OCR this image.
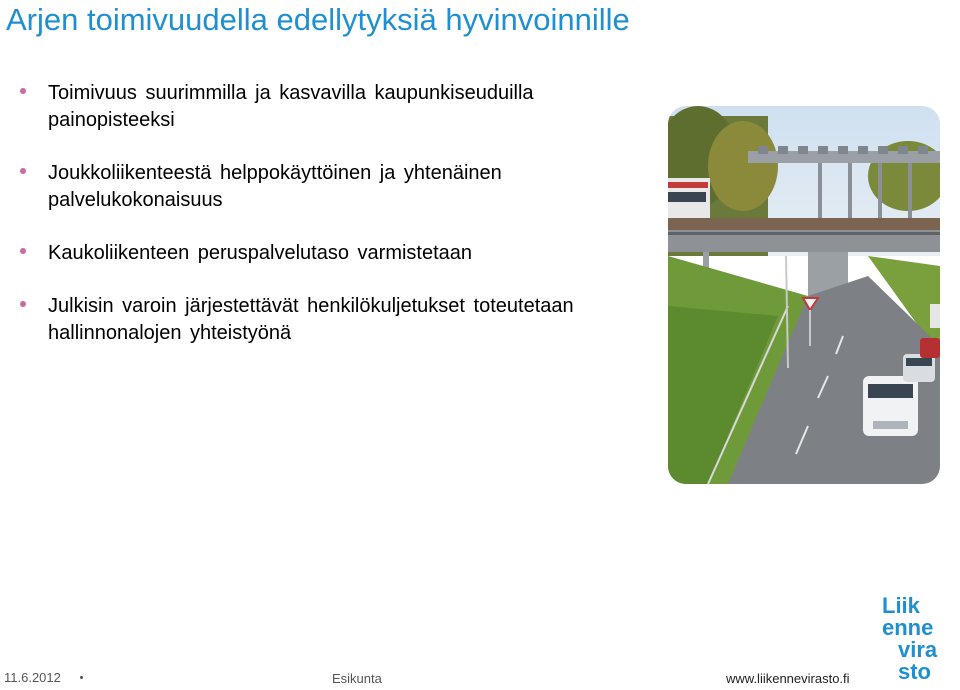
Arjen toimivuudella edellytyksiä hyvinvoinnille
Toimivuus suurimmilla ja kasvavilla kaupunkiseuduilla painopisteeksi
Joukkoliikenteestä helppokäyttöinen ja yhtenäinen palvelukokonaisuus
Kaukoliikenteen peruspalvelutaso varmistetaan
Julkisin varoin järjestettävät henkilökuljetukset toteutetaan hallinnonalojen yhteistyönä
11.6.2012	Esikunta	www.liikennevirasto.fi
Liik
enne
vira
sto
